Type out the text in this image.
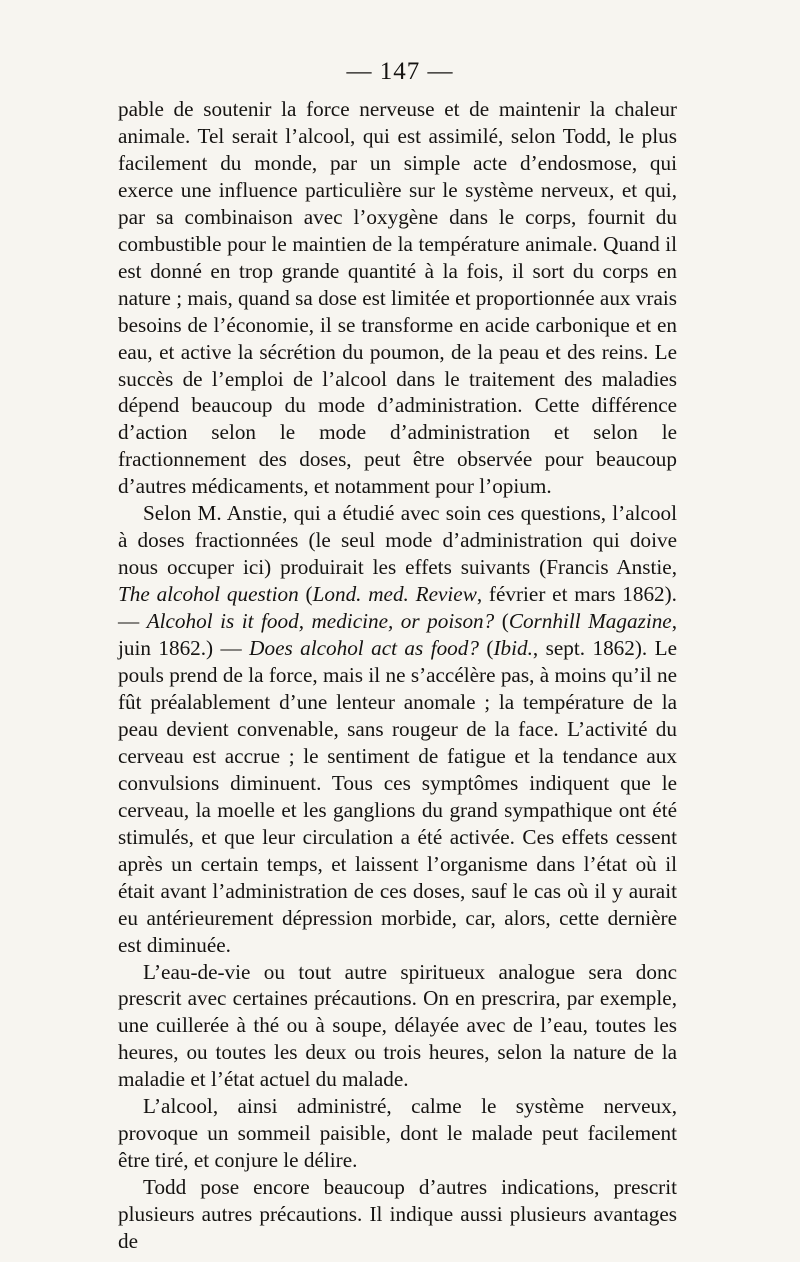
— 147 —

pable de soutenir la force nerveuse et de maintenir la chaleur animale. Tel serait l’alcool, qui est assimilé, selon Todd, le plus facilement du monde, par un simple acte d’endosmose, qui exerce une influence particulière sur le système nerveux, et qui, par sa combinaison avec l’oxygène dans le corps, fournit du combustible pour le maintien de la température animale. Quand il est donné en trop grande quantité à la fois, il sort du corps en nature ; mais, quand sa dose est limitée et proportionnée aux vrais besoins de l’économie, il se transforme en acide carbonique et en eau, et active la sécrétion du poumon, de la peau et des reins. Le succès de l’emploi de l’alcool dans le traitement des maladies dépend beaucoup du mode d’administration. Cette différence d’action selon le mode d’administration et selon le fractionnement des doses, peut être observée pour beaucoup d’autres médicaments, et notamment pour l’opium.

Selon M. Anstie, qui a étudié avec soin ces questions, l’alcool à doses fractionnées (le seul mode d’administration qui doive nous occuper ici) produirait les effets suivants (Francis Anstie, The alcohol question (Lond. med. Review, février et mars 1862). — Alcohol is it food, medicine, or poison? (Cornhill Magazine, juin 1862.) — Does alcohol act as food? (Ibid., sept. 1862). Le pouls prend de la force, mais il ne s’accélère pas, à moins qu’il ne fût préalablement d’une lenteur anomale ; la température de la peau devient convenable, sans rougeur de la face. L’activité du cerveau est accrue ; le sentiment de fatigue et la tendance aux convulsions diminuent. Tous ces symptômes indiquent que le cerveau, la moelle et les ganglions du grand sympathique ont été stimulés, et que leur circulation a été activée. Ces effets cessent après un certain temps, et laissent l’organisme dans l’état où il était avant l’administration de ces doses, sauf le cas où il y aurait eu antérieurement dépression morbide, car, alors, cette dernière est diminuée.

L’eau-de-vie ou tout autre spiritueux analogue sera donc prescrit avec certaines précautions. On en prescrira, par exemple, une cuillerée à thé ou à soupe, délayée avec de l’eau, toutes les heures, ou toutes les deux ou trois heures, selon la nature de la maladie et l’état actuel du malade.

L’alcool, ainsi administré, calme le système nerveux, provoque un sommeil paisible, dont le malade peut facilement être tiré, et conjure le délire.

Todd pose encore beaucoup d’autres indications, prescrit plusieurs autres précautions. Il indique aussi plusieurs avantages de
